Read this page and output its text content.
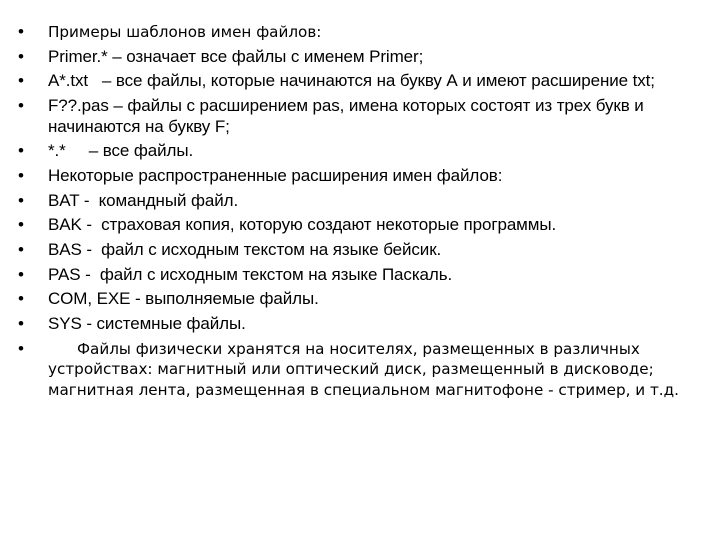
•	Примеры шаблонов имен файлов:
•	Primer.* – означает все файлы с именем Primer;
•	A*.txt   – все файлы, которые начинаются на букву А и имеют расширение txt;
•	F??.pas – файлы с расширением pas, имена которых состоят из трех букв и начинаются на букву F;
•	*.*     – все файлы.
•	Некоторые распространенные расширения имен файлов:
•	BAT -  командный файл.
•	BAK -  страховая копия, которую создают некоторые программы.
•	BAS -  файл с исходным текстом на языке бейсик.
•	PAS -  файл с исходным текстом на языке Паскаль.
•	COM, EXE - выполняемые файлы.
•	SYS - системные файлы.
•	Файлы физически хранятся на носителях, размещенных в различных устройствах: магнитный или оптический диск, размещенный в дисководе; магнитная лента, размещенная в специальном магнитофоне - стример, и т.д.
